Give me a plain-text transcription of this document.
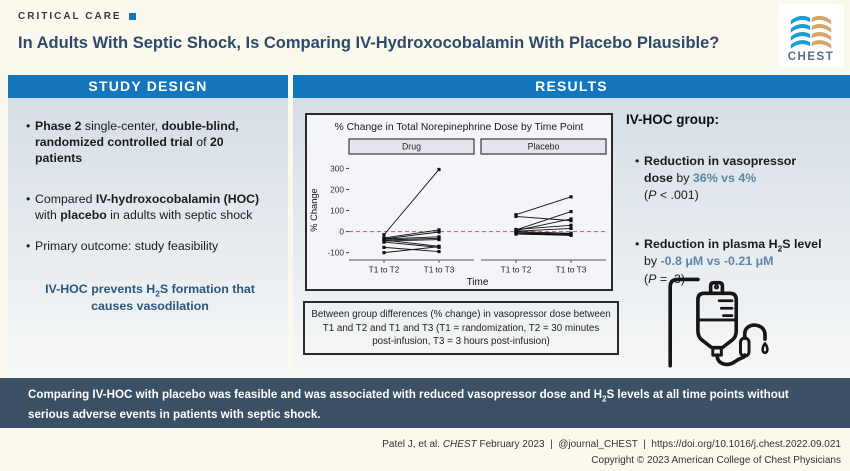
CRITICAL CARE
In Adults With Septic Shock, Is Comparing IV-Hydroxocobalamin With Placebo Plausible?
CHEST
STUDY DESIGN	RESULTS
• Phase 2 single-center, double-blind, randomized controlled trial of 20 patients
• Compared IV-hydroxocobalamin (HOC) with placebo in adults with septic shock
• Primary outcome: study feasibility
IV-HOC prevents $H_2S$ formation that causes vasodilation
% Change in Total Norepinephrine Dose by Time Point
300
200
100
0
-100
Drug
T1 to T2	T1 to T3
Placebo
T1 to T2	T1 to T3
Time
% Change
Between group differences (% change) in vasopressor dose between T1 and T2 and T1 and T3 (T1 = randomization, T2 = 30 minutes post-infusion, T3 = 3 hours post-infusion)
IV-HOC group:
• Reduction in vasopressor dose by 36% vs 4%
(P < .001)
• Reduction in plasma $H_2S$ level by -0.8 μM vs -0.21 μM
(P = .3)
Comparing IV-HOC with placebo was feasible and was associated with reduced vasopressor dose and $H_2S$ levels at all time points without serious adverse events in patients with septic shock.
Patel J, et al. CHEST February 2023  |  @journal_CHEST  |  https://doi.org/10.1016/j.chest.2022.09.021
Copyright © 2023 American College of Chest Physicians
